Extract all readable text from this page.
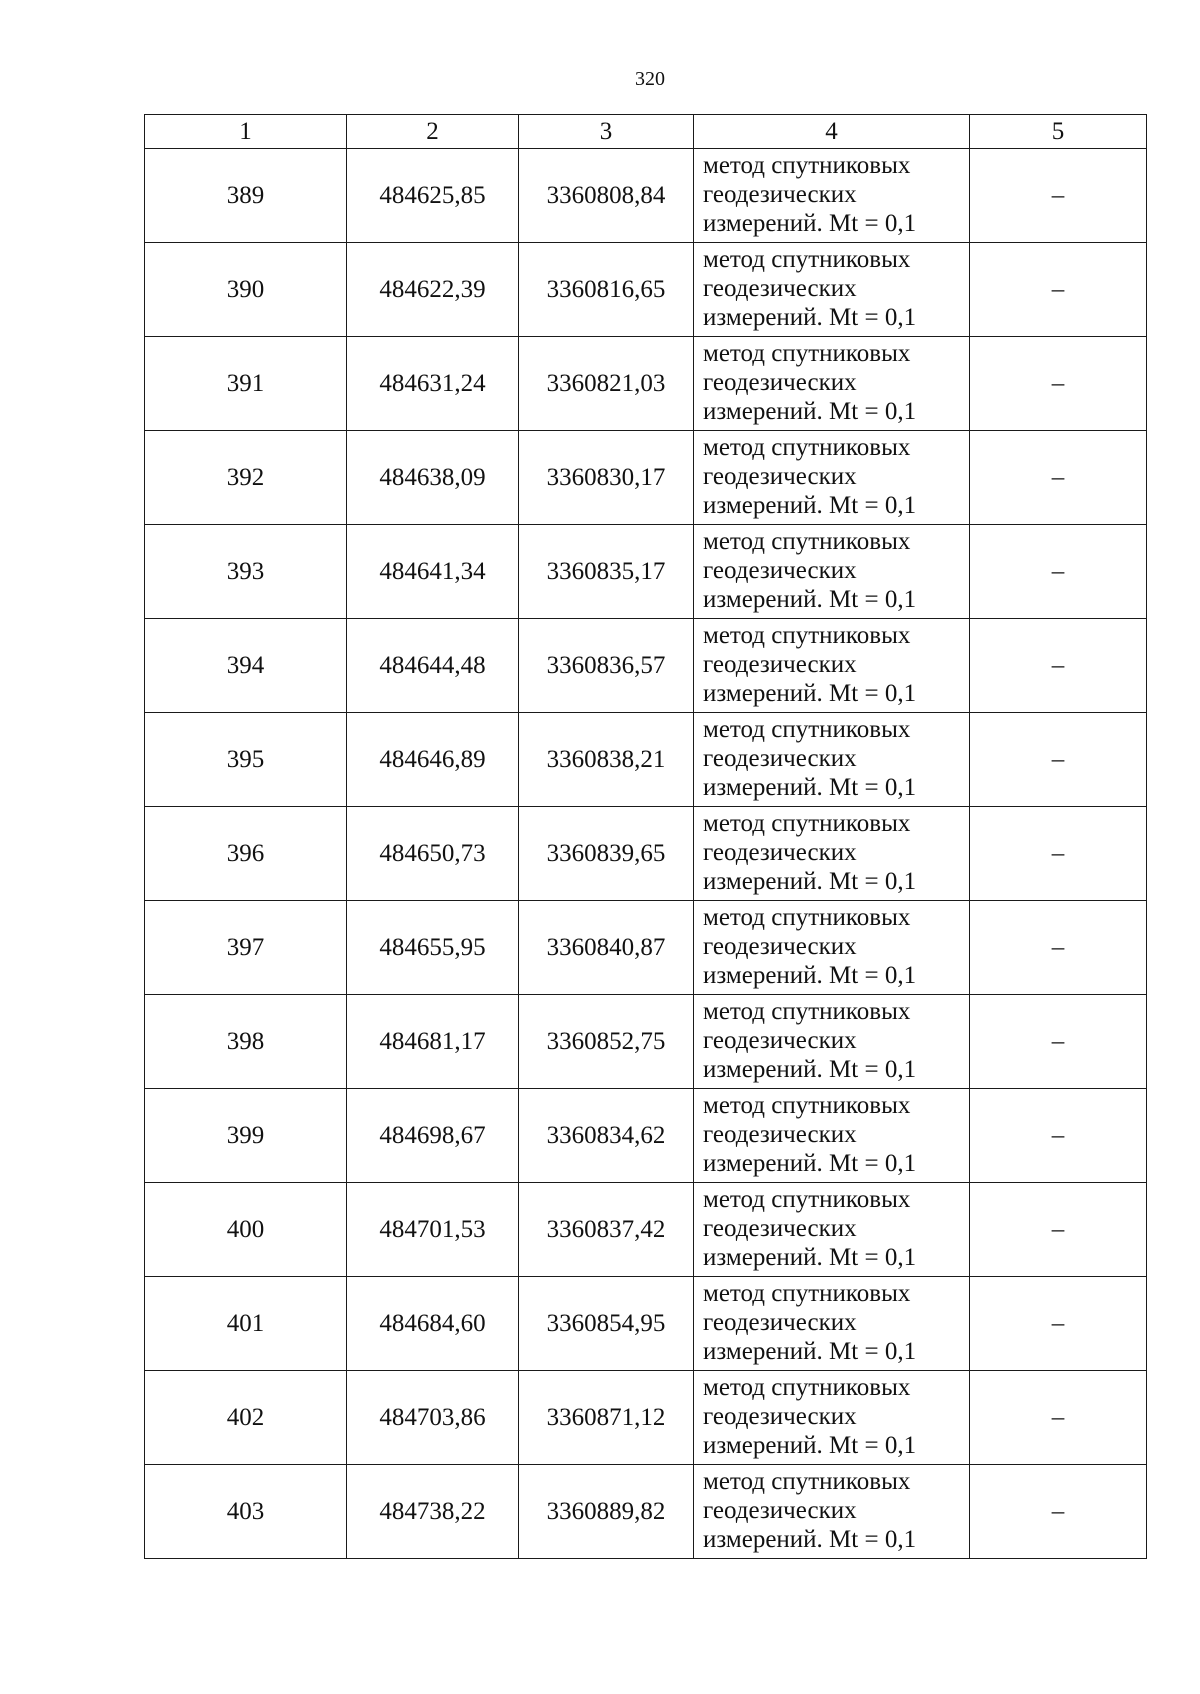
320
1	2	3	4	5
389	484625,85	3360808,84	метод спутниковых
геодезических
измерений. Mt = 0,1	–
390	484622,39	3360816,65	метод спутниковых
геодезических
измерений. Mt = 0,1	–
391	484631,24	3360821,03	метод спутниковых
геодезических
измерений. Mt = 0,1	–
392	484638,09	3360830,17	метод спутниковых
геодезических
измерений. Mt = 0,1	–
393	484641,34	3360835,17	метод спутниковых
геодезических
измерений. Mt = 0,1	–
394	484644,48	3360836,57	метод спутниковых
геодезических
измерений. Mt = 0,1	–
395	484646,89	3360838,21	метод спутниковых
геодезических
измерений. Mt = 0,1	–
396	484650,73	3360839,65	метод спутниковых
геодезических
измерений. Mt = 0,1	–
397	484655,95	3360840,87	метод спутниковых
геодезических
измерений. Mt = 0,1	–
398	484681,17	3360852,75	метод спутниковых
геодезических
измерений. Mt = 0,1	–
399	484698,67	3360834,62	метод спутниковых
геодезических
измерений. Mt = 0,1	–
400	484701,53	3360837,42	метод спутниковых
геодезических
измерений. Mt = 0,1	–
401	484684,60	3360854,95	метод спутниковых
геодезических
измерений. Mt = 0,1	–
402	484703,86	3360871,12	метод спутниковых
геодезических
измерений. Mt = 0,1	–
403	484738,22	3360889,82	метод спутниковых
геодезических
измерений. Mt = 0,1	–
